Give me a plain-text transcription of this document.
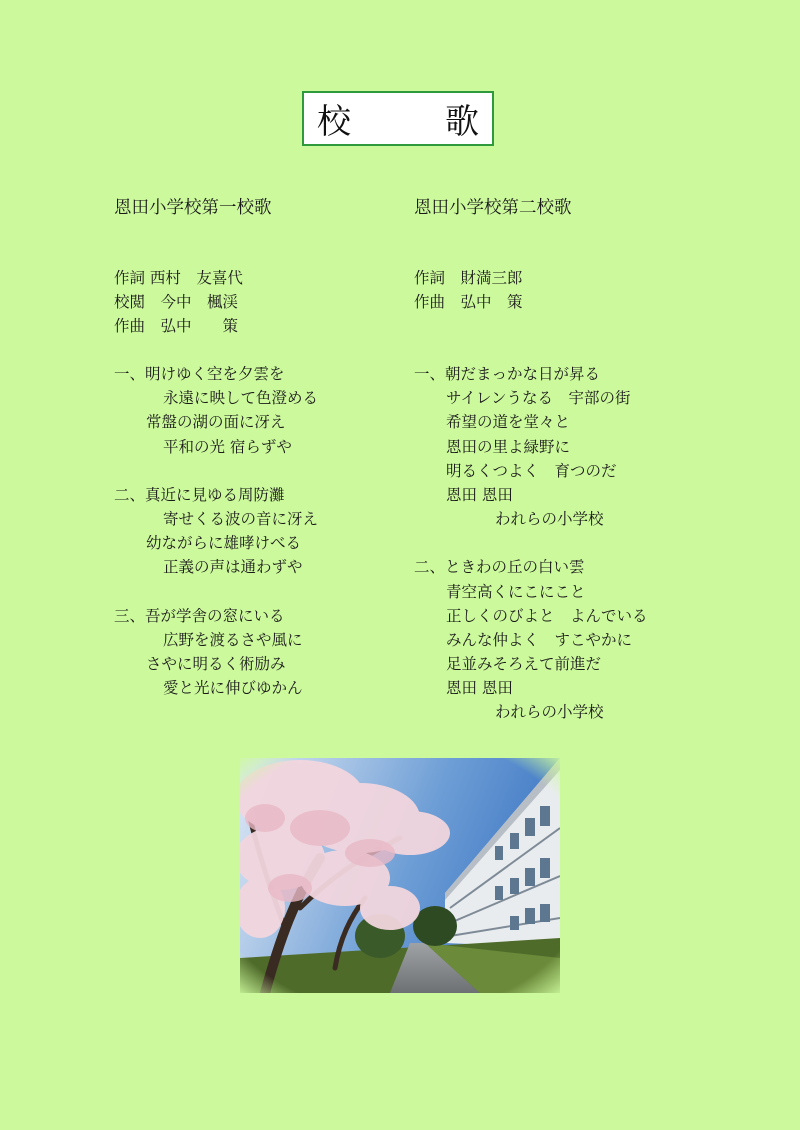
校　歌
恩田小学校第一校歌
作詞 西村　友喜代
校閲　今中　楓渓
作曲　弘中　　策
一、明けゆく空を夕雲を
永遠に映して色澄める
常盤の湖の面に冴え
平和の光 宿らずや
二、真近に見ゆる周防灘
寄せくる波の音に冴え
幼ながらに雄哮けべる
正義の声は通わずや
三、吾が学舎の窓にいる
広野を渡るさや風に
さやに明るく術励み
愛と光に伸びゆかん
恩田小学校第二校歌
作詞　財満三郎
作曲　弘中　策
一、朝だまっかな日が昇る
サイレンうなる　宇部の街
希望の道を堂々と
恩田の里よ緑野に
明るくつよく　育つのだ
恩田 恩田
われらの小学校
二、ときわの丘の白い雲
青空高くにこにこと
正しくのびよと　よんでいる
みんな仲よく　すこやかに
足並みそろえて前進だ
恩田 恩田
われらの小学校
